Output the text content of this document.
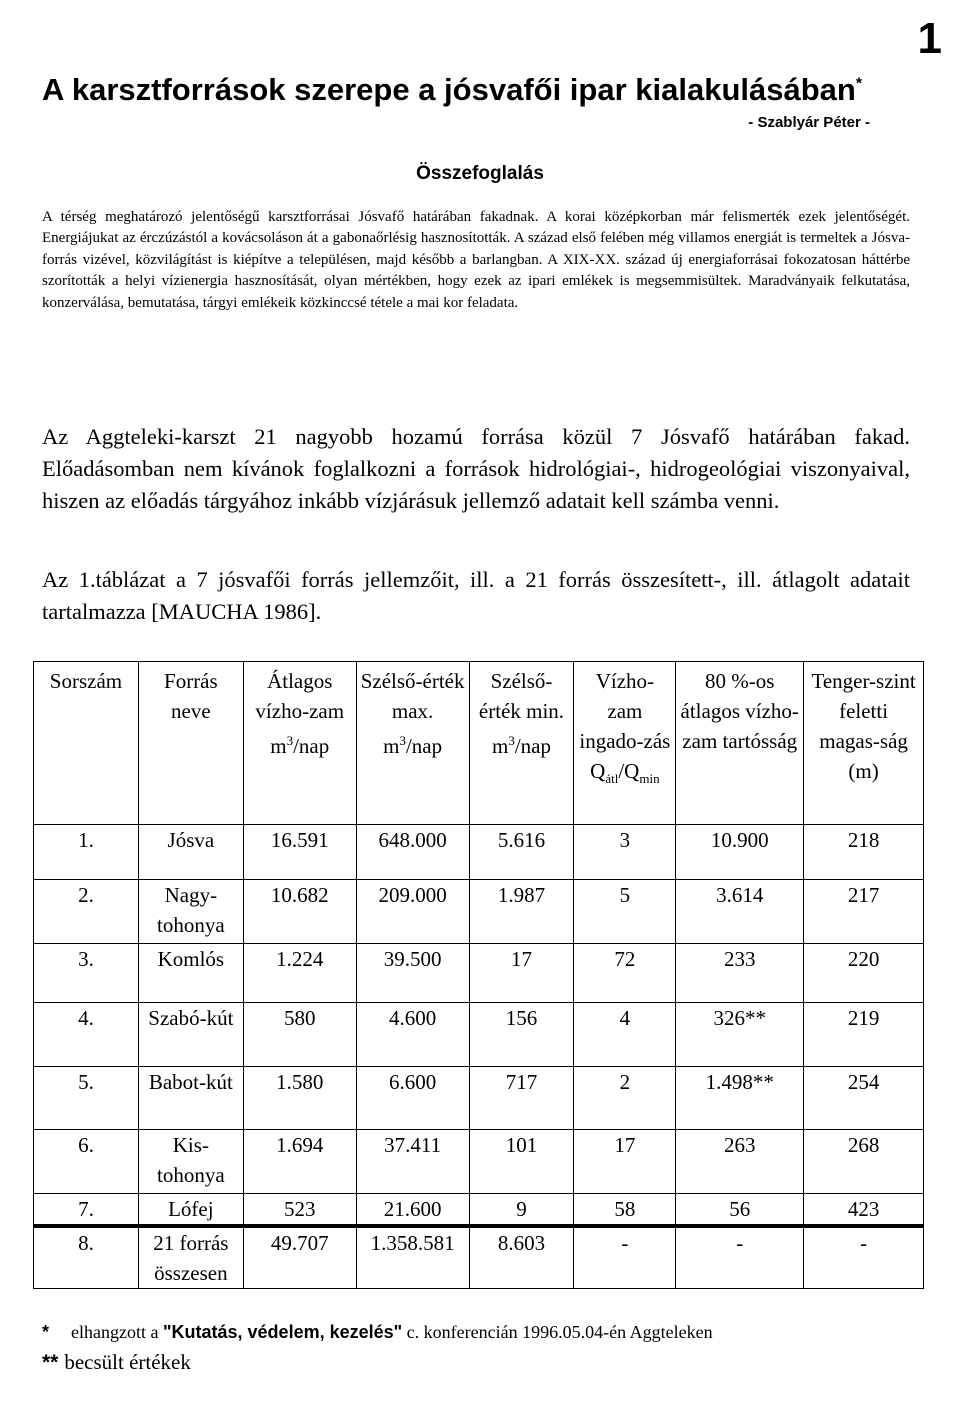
1
A karsztforrások szerepe a jósvafői ipar kialakulásában*
- Szablyár Péter -
Összefoglalás
A térség meghatározó jelentőségű karsztforrásai Jósvafő határában fakadnak. A korai középkorban már felismerték ezek jelentőségét. Energiájukat az érczúzástól a kovácsoláson át a gabonaőrlésig hasznosították. A század első felében még villamos energiát is termeltek a Jósva-forrás vizével, közvilágítást is kiépítve a településen, majd később a barlangban. A XIX-XX. század új energiaforrásai fokozatosan háttérbe szorították a helyi vízienergia hasznosítását, olyan mértékben, hogy ezek az ipari emlékek is megsemmisültek. Maradványaik felkutatása, konzerválása, bemutatása, tárgyi emlékeik közkinccsé tétele a mai kor feladata.
Az Aggteleki-karszt 21 nagyobb hozamú forrása közül 7 Jósvafő határában fakad. Előadásomban nem kívánok foglalkozni a források hidrológiai-, hidrogeológiai viszonyaival, hiszen az előadás tárgyához inkább vízjárásuk jellemző adatait kell számba venni.
Az 1.táblázat a 7 jósvafői forrás jellemzőit, ill. a 21 forrás összesített-, ill. átlagolt adatait tartalmazza [MAUCHA 1986].
Sorszám	Forrás neve	Átlagos vízho-zam $m^3$/nap	Szélső-érték max. $m^3$/nap	Szélső-érték min. $m^3$/nap	Vízho-zam ingado-zás $Q_{átl}/Q_{min}$	80 %-os átlagos vízho-zam tartósság	Tenger-szint feletti magas-ság (m)
1.	Jósva	16.591	648.000	5.616	3	10.900	218
2.	Nagy-tohonya	10.682	209.000	1.987	5	3.614	217
3.	Komlós	1.224	39.500	17	72	233	220
4.	Szabó-kút	580	4.600	156	4	326**	219
5.	Babot-kút	1.580	6.600	717	2	1.498**	254
6.	Kis-tohonya	1.694	37.411	101	17	263	268
7.	Lófej	523	21.600	9	58	56	423
8.	21 forrás összesen	49.707	1.358.581	8.603	-	-	-
* elhangzott a "Kutatás, védelem, kezelés" c. konferencián 1996.05.04-én Aggteleken
** becsült értékek
